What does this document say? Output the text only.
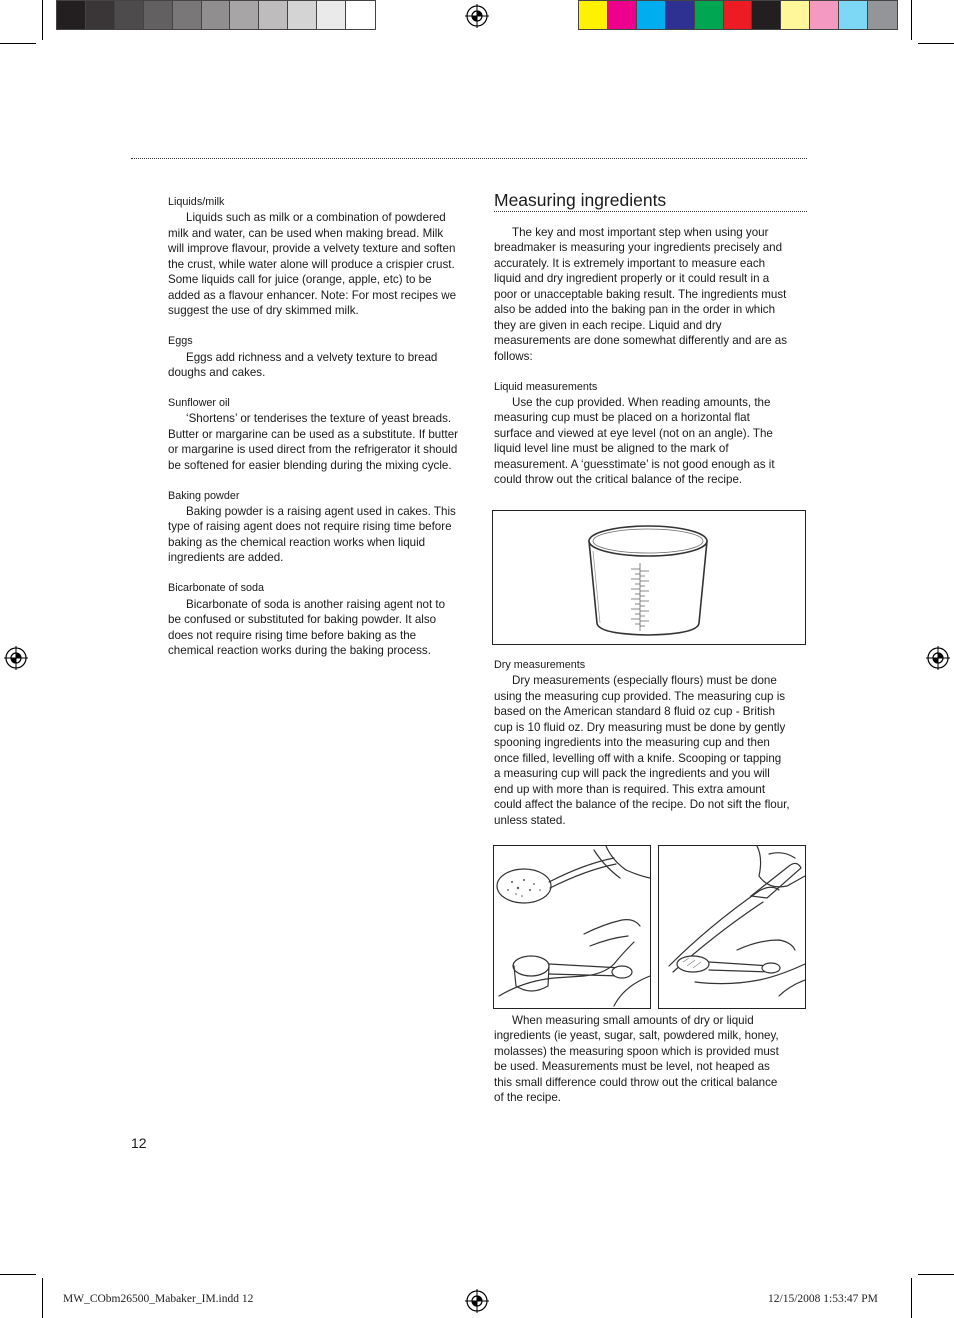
Liquids/milk

Liquids such as milk or a combination of powdered milk and water, can be used when making bread. Milk will improve flavour, provide a velvety texture and soften the crust, while water alone will produce a crispier crust. Some liquids call for juice (orange, apple, etc) to be added as a flavour enhancer. Note: For most recipes we suggest the use of dry skimmed milk.

Eggs

Eggs add richness and a velvety texture to bread doughs and cakes.

Sunflower oil

‘Shortens’ or tenderises the texture of yeast breads. Butter or margarine can be used as a substitute. If butter or margarine is used direct from the refrigerator it should be softened for easier blending during the mixing cycle.

Baking powder

Baking powder is a raising agent used in cakes. This type of raising agent does not require rising time before baking as the chemical reaction works when liquid ingredients are added.

Bicarbonate of soda

Bicarbonate of soda is another raising agent not to be confused or substituted for baking powder. It also does not require rising time before baking as the chemical reaction works during the baking process.

Measuring ingredients

The key and most important step when using your breadmaker is measuring your ingredients precisely and accurately. It is extremely important to measure each liquid and dry ingredient properly or it could result in a poor or unacceptable baking result. The ingredients must also be added into the baking pan in the order in which they are given in each recipe. Liquid and dry measurements are done somewhat differently and are as follows:

Liquid measurements

Use the cup provided. When reading amounts, the measuring cup must be placed on a horizontal flat surface and viewed at eye level (not on an angle). The liquid level line must be aligned to the mark of measurement. A ‘guesstimate’ is not good enough as it could throw out the critical balance of the recipe.

Dry measurements

Dry measurements (especially flours) must be done using the measuring cup provided. The measuring cup is based on the American standard 8 fluid oz cup - British cup is 10 fluid oz. Dry measuring must be done by gently spooning ingredients into the measuring cup and then once filled, levelling off with a knife. Scooping or tapping a measuring cup will pack the ingredients and you will end up with more than is required. This extra amount could affect the balance of the recipe. Do not sift the flour, unless stated.

When measuring small amounts of dry or liquid ingredients (ie yeast, sugar, salt, powdered milk, honey, molasses) the measuring spoon which is provided must be used. Measurements must be level, not heaped as this small difference could throw out the critical balance of the recipe.

12
MW_CObm26500_Mabaker_IM.indd 12	12/15/2008 1:53:47 PM
